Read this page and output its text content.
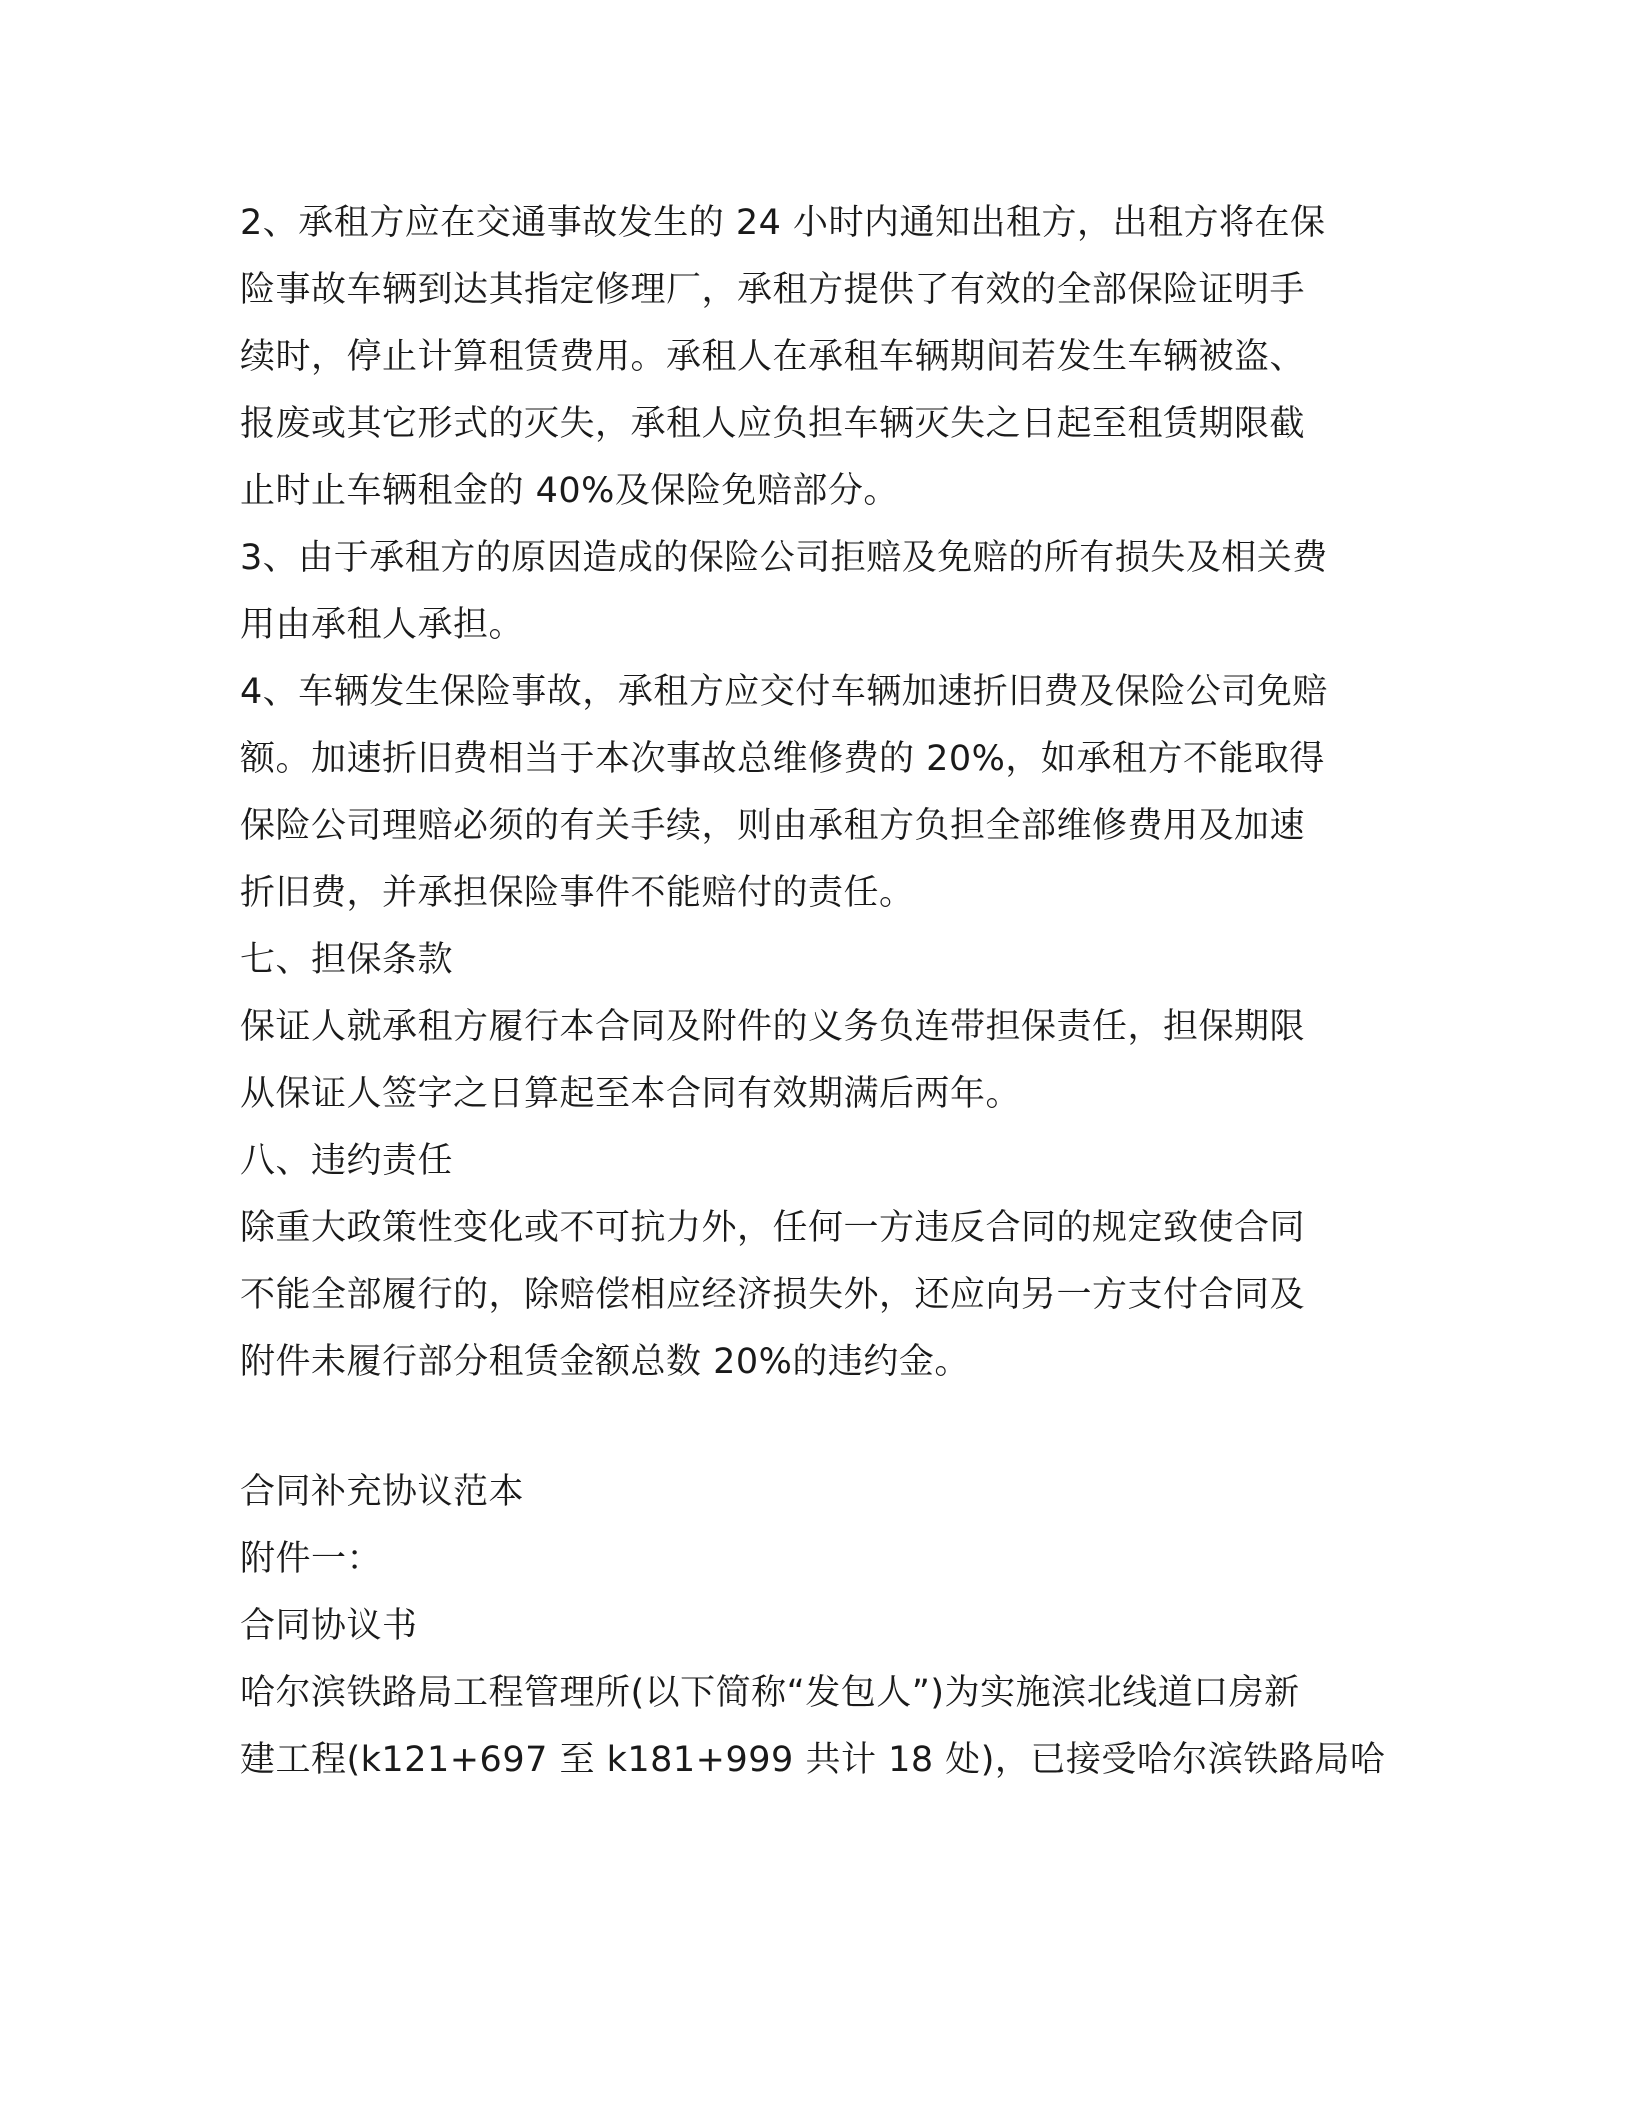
2、承租方应在交通事故发生的 24 小时内通知出租方，出租方将在保
险事故车辆到达其指定修理厂，承租方提供了有效的全部保险证明手
续时，停止计算租赁费用。承租人在承租车辆期间若发生车辆被盗、
报废或其它形式的灭失，承租人应负担车辆灭失之日起至租赁期限截
止时止车辆租金的 40%及保险免赔部分。
3、由于承租方的原因造成的保险公司拒赔及免赔的所有损失及相关费
用由承租人承担。
4、车辆发生保险事故，承租方应交付车辆加速折旧费及保险公司免赔
额。加速折旧费相当于本次事故总维修费的 20%，如承租方不能取得
保险公司理赔必须的有关手续，则由承租方负担全部维修费用及加速
折旧费，并承担保险事件不能赔付的责任。
七、担保条款
保证人就承租方履行本合同及附件的义务负连带担保责任，担保期限
从保证人签字之日算起至本合同有效期满后两年。
八、违约责任
除重大政策性变化或不可抗力外，任何一方违反合同的规定致使合同
不能全部履行的，除赔偿相应经济损失外，还应向另一方支付合同及
附件未履行部分租赁金额总数 20%的违约金。
合同补充协议范本
附件一：
合同协议书
哈尔滨铁路局工程管理所(以下简称“发包人”)为实施滨北线道口房新
建工程(k121+697 至 k181+999 共计 18 处)，已接受哈尔滨铁路局哈
